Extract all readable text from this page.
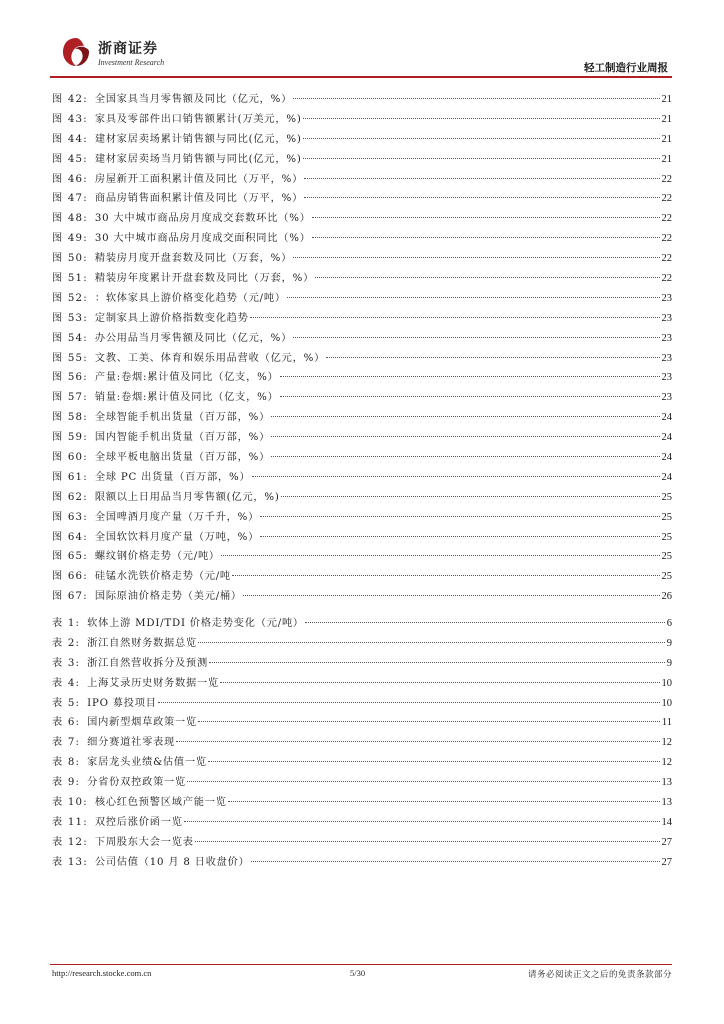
浙商证券
Investment Research	轻工制造行业周报
图 42: 全国家具当月零售额及同比（亿元，%）	21
图 43: 家具及零部件出口销售额累计(万美元，%)	21
图 44: 建材家居卖场累计销售额与同比(亿元，%)	21
图 45: 建材家居卖场当月销售额与同比(亿元，%)	21
图 46: 房屋新开工面积累计值及同比（万平，%）	22
图 47: 商品房销售面积累计值及同比（万平，%）	22
图 48: 30 大中城市商品房月度成交套数环比（%）	22
图 49: 30 大中城市商品房月度成交面积同比（%）	22
图 50: 精装房月度开盘套数及同比（万套，%）	22
图 51: 精装房年度累计开盘套数及同比（万套，%）	22
图 52: ：软体家具上游价格变化趋势（元/吨）	23
图 53: 定制家具上游价格指数变化趋势	23
图 54: 办公用品当月零售额及同比（亿元，%）	23
图 55: 文教、工美、体育和娱乐用品营收（亿元，%）	23
图 56: 产量:卷烟:累计值及同比（亿支，%）	23
图 57: 销量:卷烟:累计值及同比（亿支，%）	23
图 58: 全球智能手机出货量（百万部，%）	24
图 59: 国内智能手机出货量（百万部，%）	24
图 60: 全球平板电脑出货量（百万部，%）	24
图 61: 全球 PC 出货量（百万部，%）	24
图 62: 限额以上日用品当月零售额(亿元，%)	25
图 63: 全国啤酒月度产量（万千升，%）	25
图 64: 全国软饮料月度产量（万吨，%）	25
图 65: 螺纹钢价格走势（元/吨）	25
图 66: 硅锰水洗铁价格走势（元/吨	25
图 67: 国际原油价格走势（美元/桶）	26
表 1: 软体上游 MDI/TDI 价格走势变化（元/吨）	6
表 2: 浙江自然财务数据总览	9
表 3: 浙江自然营收拆分及预测	9
表 4: 上海艾录历史财务数据一览	10
表 5: IPO 募投项目	10
表 6: 国内新型烟草政策一览	11
表 7: 细分赛道社零表现	12
表 8: 家居龙头业绩&估值一览	12
表 9: 分省份双控政策一览	13
表 10: 核心红色预警区域产能一览	13
表 11: 双控后涨价函一览	14
表 12: 下周股东大会一览表	27
表 13: 公司估值（10 月 8 日收盘价）	27
http://research.stocke.com.cn	5/30	请务必阅读正文之后的免责条款部分
